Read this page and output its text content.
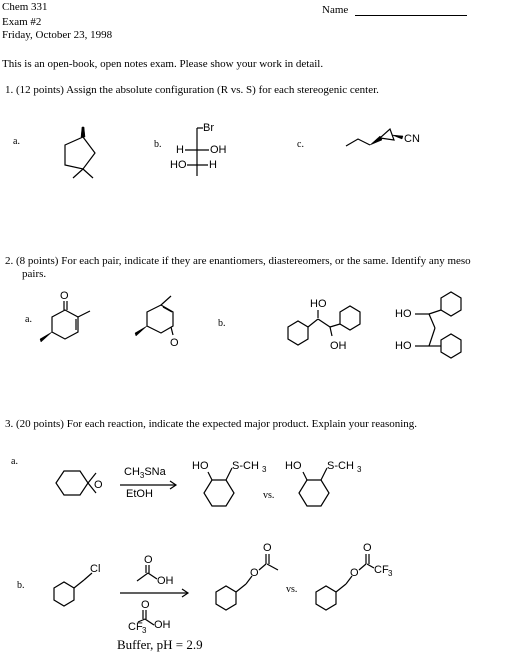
Chem 331
Exam #2
Friday, October 23, 1998
Name
This is an open-book, open notes exam. Please show your work in detail.
1. (12 points) Assign the absolute configuration (R vs. S) for each stereogenic center.
a.	b.	c.
Br
H OH
HO H
CN
2. (8 points) For each pair, indicate if they are enantiomers, diastereomers, or the same. Identify any meso
pairs.
a.	b.
O
O
HO
OH
HO
HO
3. (20 points) For each reaction, indicate the expected major product. Explain your reasoning.
a.
b.
O
$CH_3SNa$
EtOH
HO S-CH 3
vs.
HO S-CH 3
Cl
O
OH
O
CF 3 OH
Buffer, pH = 2.9
O
O
vs.
O
O
CF 3
